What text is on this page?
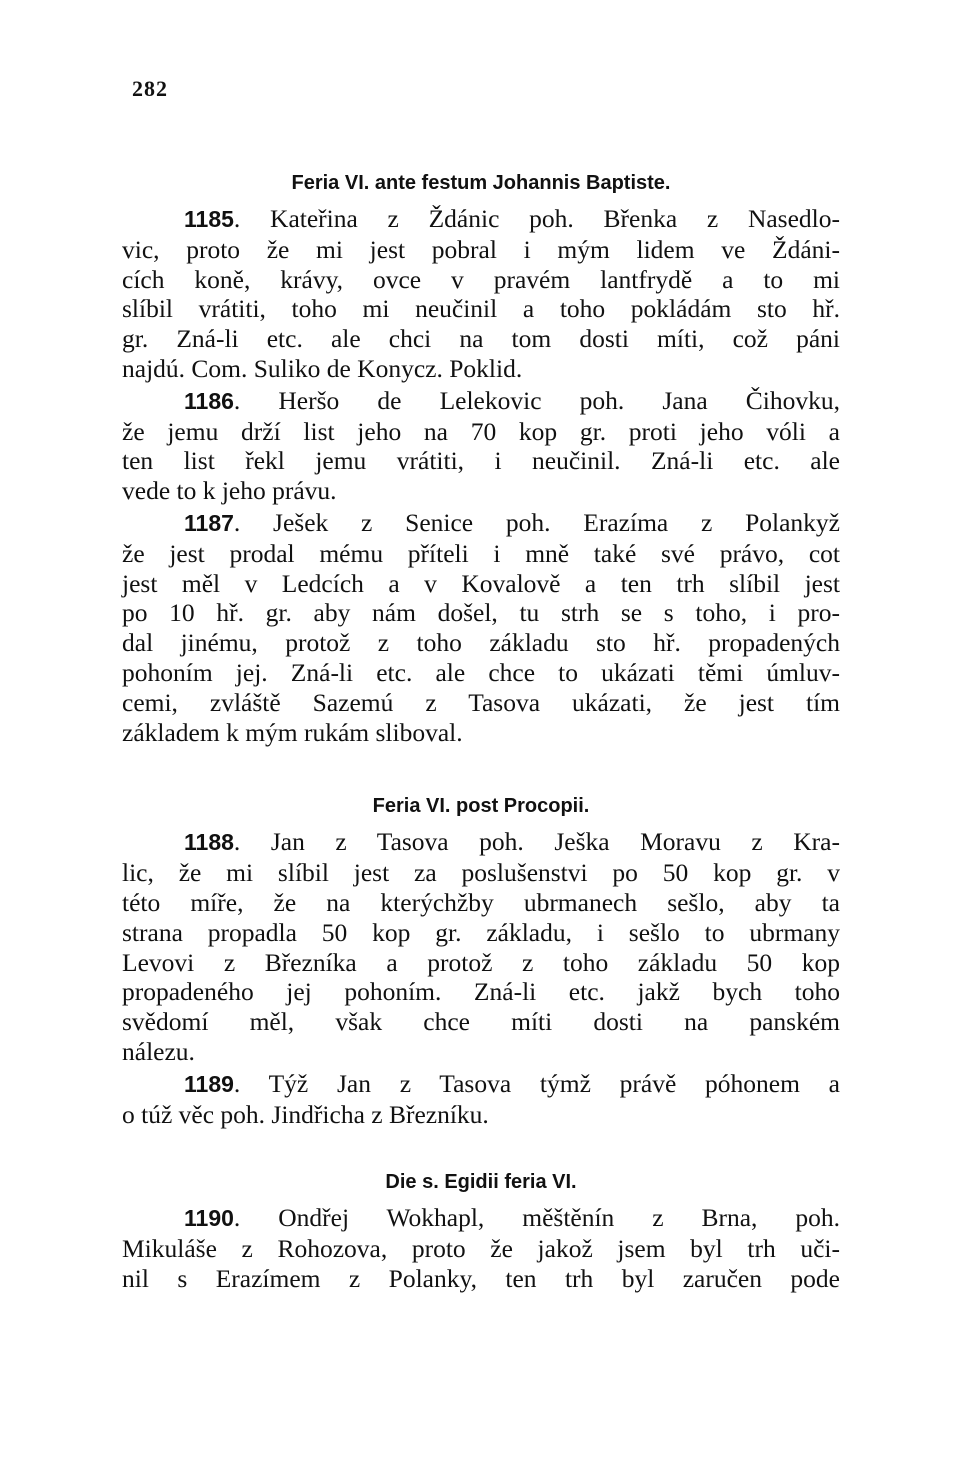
282
Feria VI. ante festum Johannis Baptiste.

1185. Kateřina z Ždánic poh. Břenka z Nasedlo-
vic, proto že mi jest pobral i mým lidem ve Ždáni-
cích koně, krávy, ovce v pravém lantfrydě a to mi
slíbil vrátiti, toho mi neučinil a toho pokládám sto hř.
gr. Zná-li etc. ale chci na tom dosti míti, což páni
najdú. Com. Suliko de Konycz. Poklid.

1186. Heršo de Lelekovic poh. Jana Čihovku,
že jemu drží list jeho na 70 kop gr. proti jeho vóli a
ten list řekl jemu vrátiti, i neučinil. Zná-li etc. ale
vede to k jeho právu.

1187. Ješek z Senice poh. Erazíma z Polankyž
že jest prodal mému příteli i mně také své právo, cot
jest měl v Ledcích a v Kovalově a ten trh slíbil jest
po 10 hř. gr. aby nám došel, tu strh se s toho, i pro-
dal jinému, protož z toho základu sto hř. propadených
pohoním jej. Zná-li etc. ale chce to ukázati těmi úmluv-
cemi, zvláště Sazemú z Tasova ukázati, že jest tím
základem k mým rukám sliboval.

Feria VI. post Procopii.

1188. Jan z Tasova poh. Ješka Moravu z Kra-
lic, že mi slíbil jest za poslušenstvi po 50 kop gr. v
této míře, že na kterýchžby ubrmanech sešlo, aby ta
strana propadla 50 kop gr. základu, i sešlo to ubrmany
Levovi z Březníka a protož z toho základu 50 kop
propadeného jej pohoním. Zná-li etc. jakž bych toho
svědomí měl, však chce míti dosti na panském
nálezu.

1189. Týž Jan z Tasova týmž právě póhonem a
o túž věc poh. Jindřicha z Březníku.

Die s. Egidii feria VI.

1190. Ondřej Wokhapl, měštěnín z Brna, poh.
Mikuláše z Rohozova, proto že jakož jsem byl trh uči-
nil s Erazímem z Polanky, ten trh byl zaručen pode
